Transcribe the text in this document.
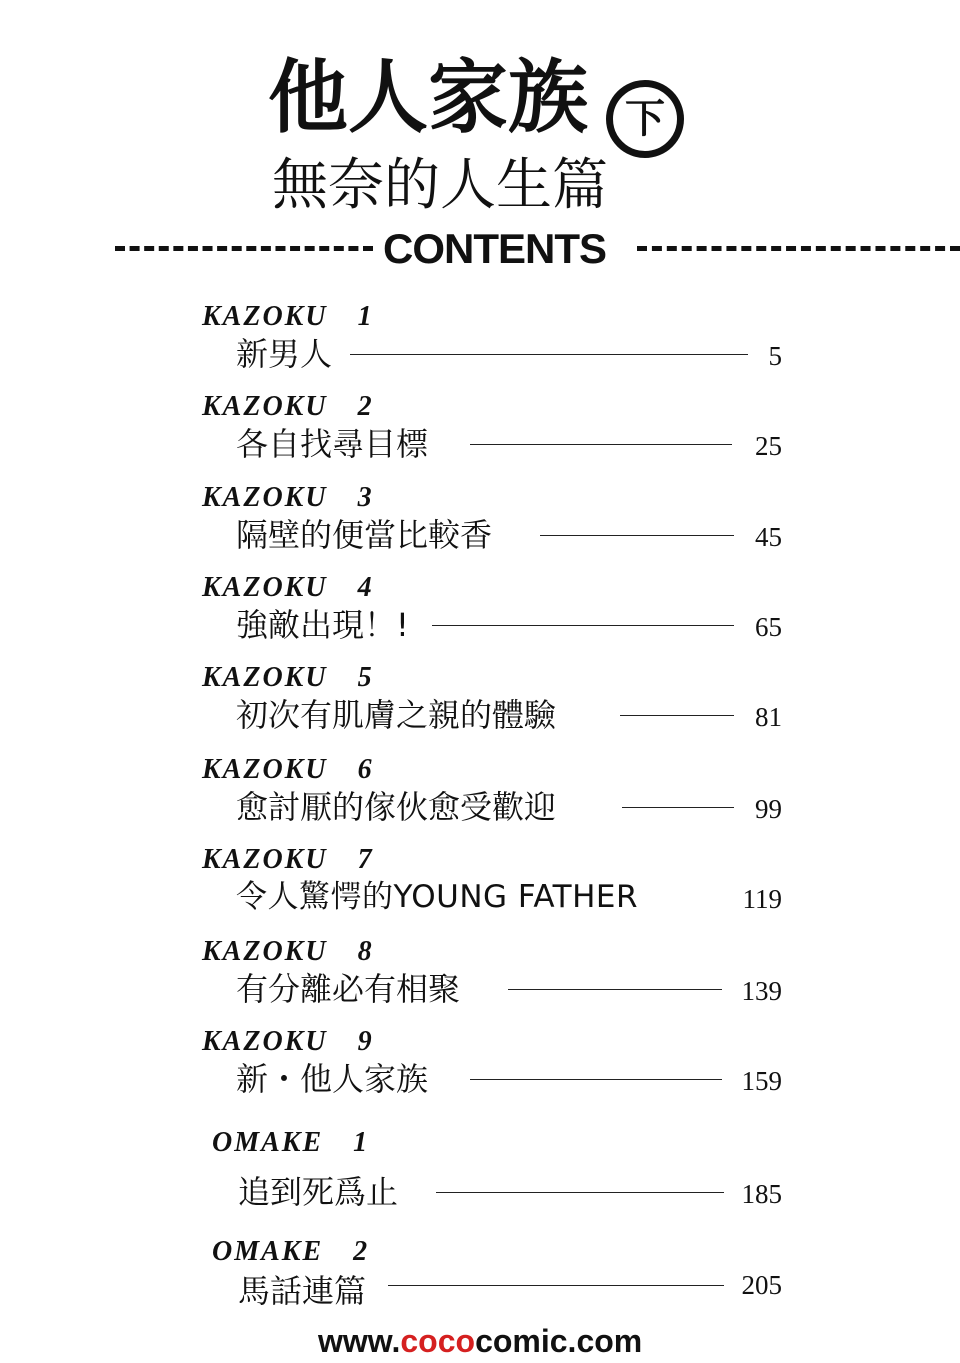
他人家族 下
無奈的人生篇
CONTENTS
KAZOKU 1
新男人	5
KAZOKU 2
各自找尋目標	25
KAZOKU 3
隔壁的便當比較香	45
KAZOKU 4
強敵出現！!	65
KAZOKU 5
初次有肌膚之親的體驗	81
KAZOKU 6
愈討厭的傢伙愈受歡迎	99
KAZOKU 7
令人驚愕的YOUNG FATHER	119
KAZOKU 8
有分離必有相聚	139
KAZOKU 9
新・他人家族	159
OMAKE 1
追到死爲止	185
OMAKE 2
馬話連篇	205
www.cococomic.com
